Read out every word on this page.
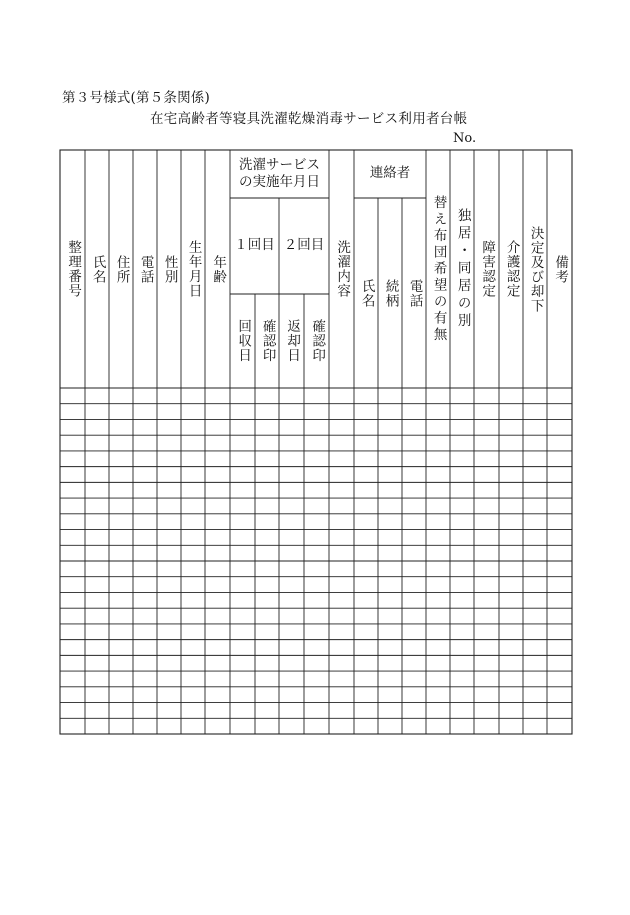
第３号様式(第５条関係)
在宅高齢者等寝具洗濯乾燥消毒サービス利用者台帳
No.
整理番号 氏名 住所 電話 性別 生年月日 年齢
洗濯サービスの実施年月日
１回目 ２回目
回収日 確認印 返却日 確認印
洗濯内容
連絡者
氏名 続柄 電話 替え布団希望の有無 独居・同居の別 障害認定 介護認定 決定及び却下 備考
